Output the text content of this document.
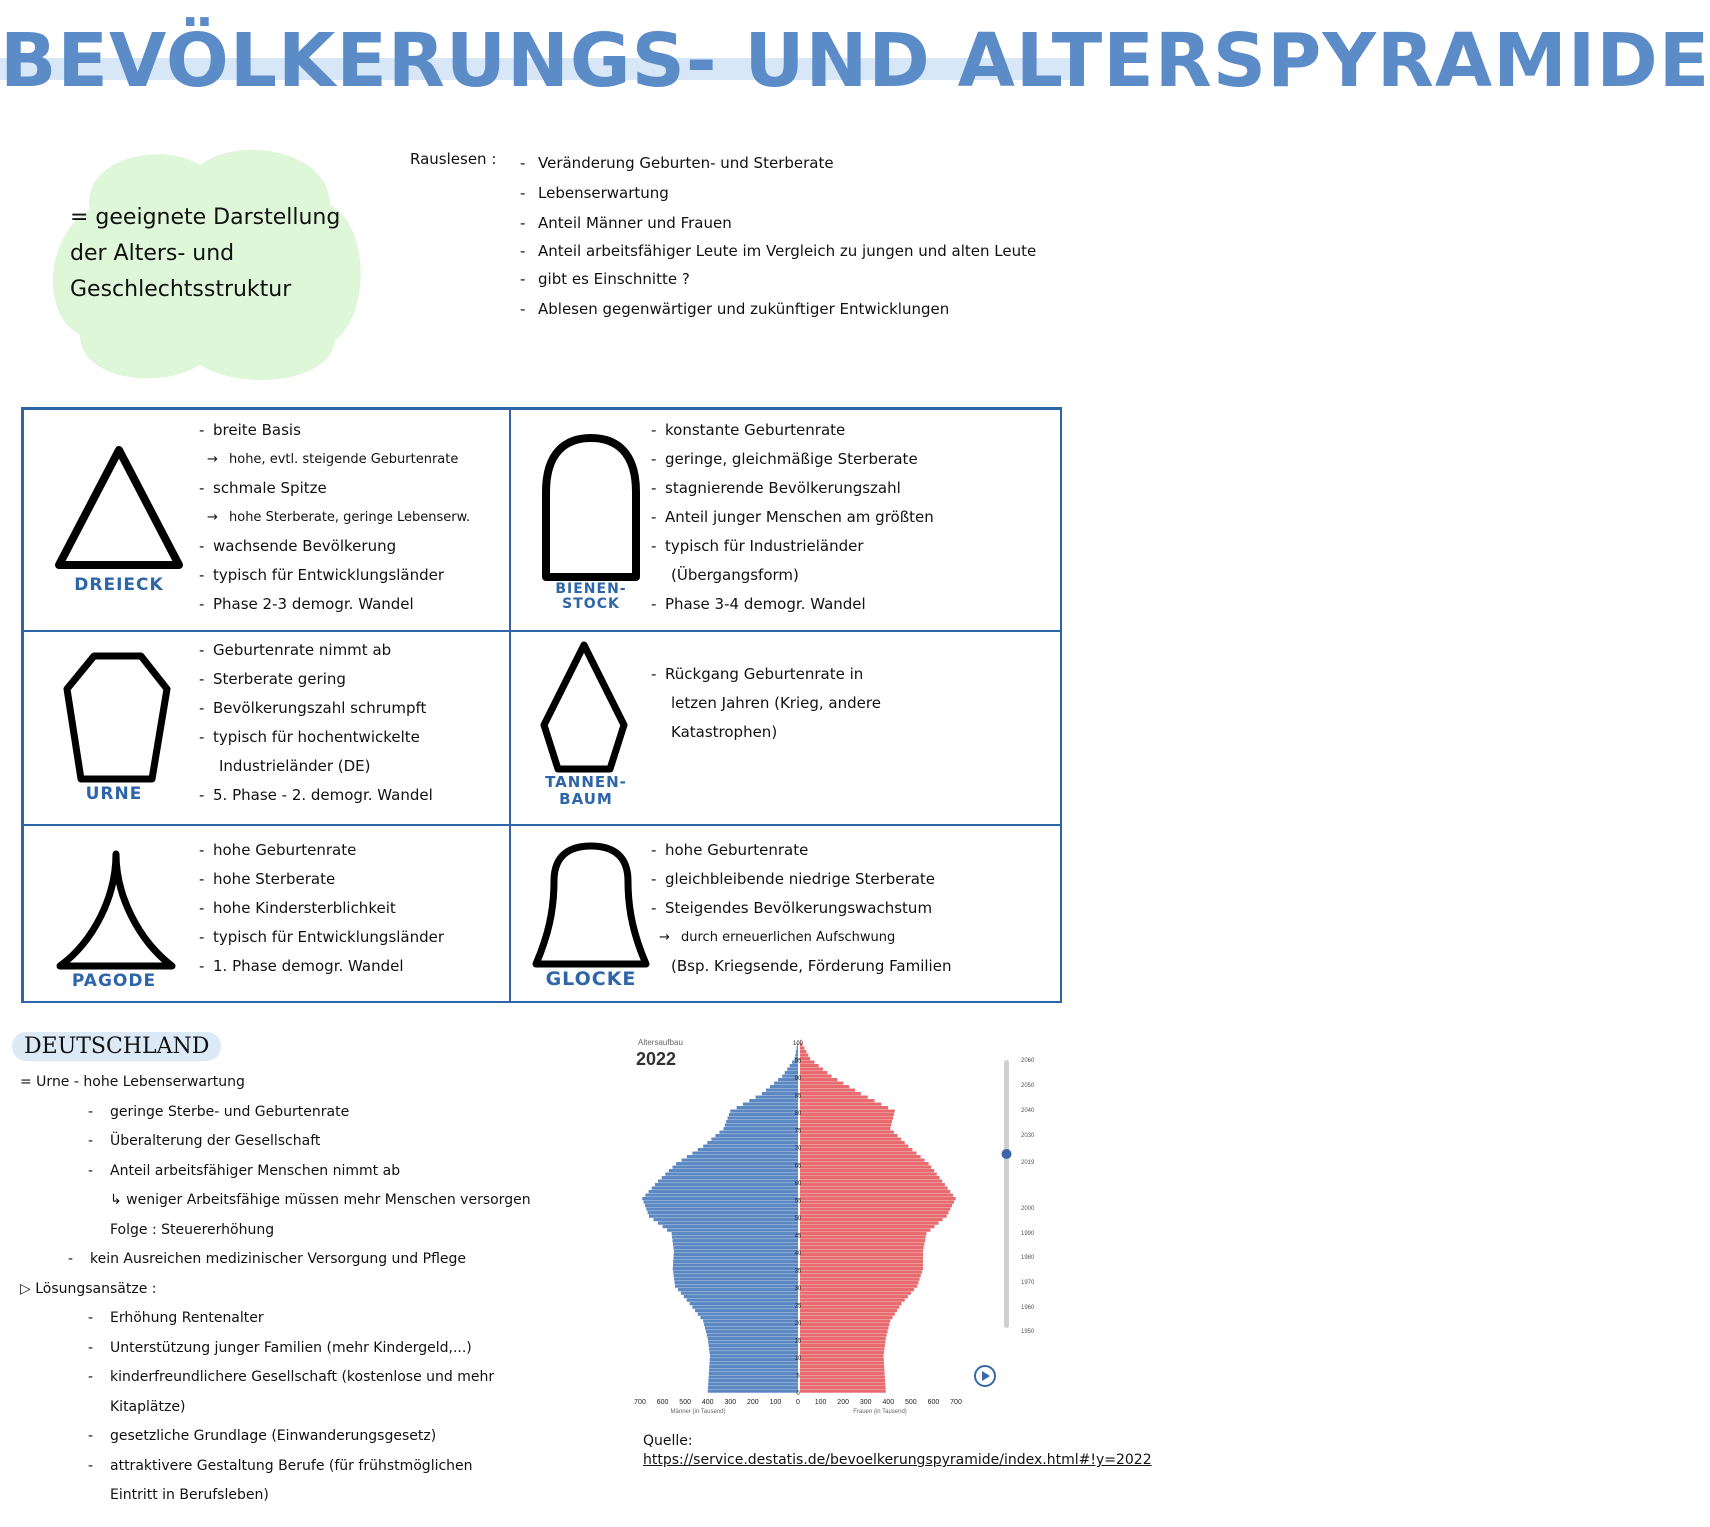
BEVÖLKERUNGS- UND ALTERSPYRAMIDE
= geeignete Darstellung
der Alters- und
Geschlechtsstruktur
Rauslesen :
-	Veränderung Geburten- und Sterberate
- Lebenserwartung
- Anteil Männer und Frauen
- Anteil arbeitsfähiger Leute im Vergleich zu jungen und alten Leute
- gibt es Einschnitte ?
- Ablesen gegenwärtiger und zukünftiger Entwicklungen
DREIECK
- breite Basis
→ hohe, evtl. steigende Geburtenrate
- schmale Spitze
→ hohe Sterberate, geringe Lebenserw.
- wachsende Bevölkerung
- typisch für Entwicklungsländer
- Phase 2-3 demogr. Wandel
BIENEN-STOCK
- konstante Geburtenrate
- geringe, gleichmäßige Sterberate
- stagnierende Bevölkerungszahl
- Anteil junger Menschen am größten
- typisch für Industrieländer
(Übergangsform)
- Phase 3-4 demogr. Wandel
URNE
- Geburtenrate nimmt ab
- Sterberate gering
- Bevölkerungszahl schrumpft
- typisch für hochentwickelte
Industrieländer (DE)
- 5. Phase - 2. demogr. Wandel
TANNEN-BAUM
- Rückgang Geburtenrate in
letzen Jahren (Krieg, andere
Katastrophen)
PAGODE
- hohe Geburtenrate
- hohe Sterberate
- hohe Kindersterblichkeit
- typisch für Entwicklungsländer
- 1. Phase demogr. Wandel
GLOCKE
- hohe Geburtenrate
- gleichbleibende niedrige Sterberate
- Steigendes Bevölkerungswachstum
→ durch erneuerlichen Aufschwung
(Bsp. Kriegsende, Förderung Familien
DEUTSCHLAND
= Urne - hohe Lebenserwartung
- geringe Sterbe- und Geburtenrate
- Überalterung der Gesellschaft
- Anteil arbeitsfähiger Menschen nimmt ab
↳ weniger Arbeitsfähige müssen mehr Menschen versorgen
Folge : Steuererhöhung
- kein Ausreichen medizinischer Versorgung und Pflege
▷ Lösungsansätze :
- Erhöhung Rentenalter
- Unterstützung junger Familien (mehr Kindergeld,...)
- kinderfreundlichere Gesellschaft (kostenlose und mehr
Kitaplätze)
- gesetzliche Grundlage (Einwanderungsgesetz)
- attraktivere Gestaltung Berufe (für frühstmöglichen
Eintritt in Berufsleben)
Altersaufbau
2022
100
95
90
85
80
75
70
65
60
55
50
45
40
35
30
25
20
15
10
5
0
700 600 500 400 300 200 100 0 100 200 300 400 500 600 700
Männer (in Tausend)	Frauen (in Tausend)
2060
2050
2040
2030
2019
2000
1990
1980
1970
1960
1950
Quelle: https://service.destatis.de/bevoelkerungspyramide/index.html#!y=2022
